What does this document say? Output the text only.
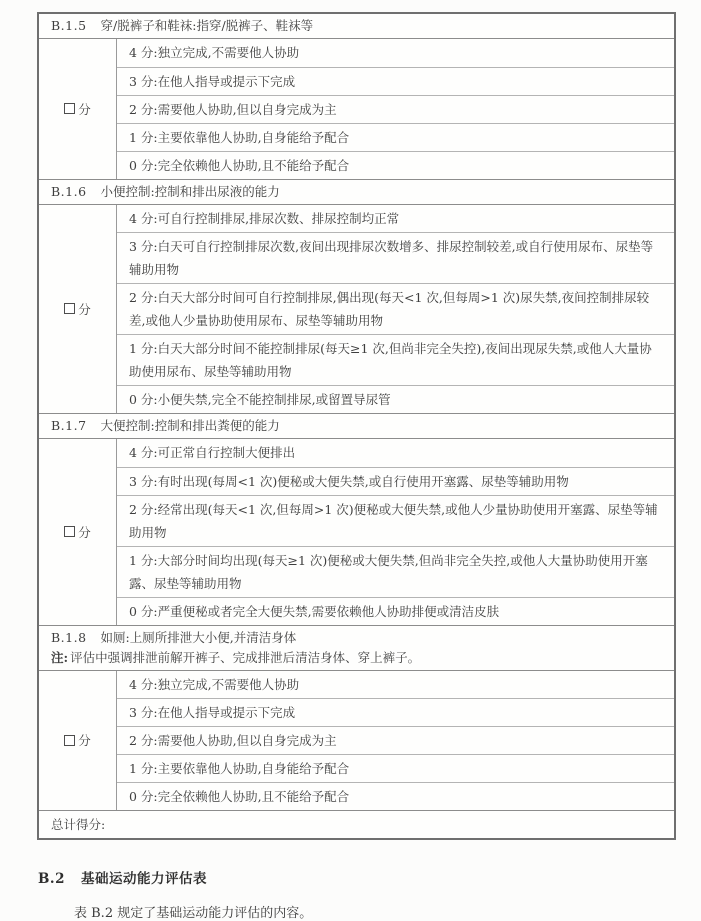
B.1.5 穿/脱裤子和鞋袜:指穿/脱裤子、鞋袜等
分
4 分:独立完成,不需要他人协助
3 分:在他人指导或提示下完成
2 分:需要他人协助,但以自身完成为主
1 分:主要依靠他人协助,自身能给予配合
0 分:完全依赖他人协助,且不能给予配合
B.1.6 小便控制:控制和排出尿液的能力
分
4 分:可自行控制排尿,排尿次数、排尿控制均正常
3 分:白天可自行控制排尿次数,夜间出现排尿次数增多、排尿控制较差,或自行使用尿布、尿垫等辅助用物
2 分:白天大部分时间可自行控制排尿,偶出现(每天<1 次,但每周>1 次)尿失禁,夜间控制排尿较差,或他人少量协助使用尿布、尿垫等辅助用物
1 分:白天大部分时间不能控制排尿(每天≥1 次,但尚非完全失控),夜间出现尿失禁,或他人大量协助使用尿布、尿垫等辅助用物
0 分:小便失禁,完全不能控制排尿,或留置导尿管
B.1.7 大便控制:控制和排出粪便的能力
分
4 分:可正常自行控制大便排出
3 分:有时出现(每周<1 次)便秘或大便失禁,或自行使用开塞露、尿垫等辅助用物
2 分:经常出现(每天<1 次,但每周>1 次)便秘或大便失禁,或他人少量协助使用开塞露、尿垫等辅助用物
1 分:大部分时间均出现(每天≥1 次)便秘或大便失禁,但尚非完全失控,或他人大量协助使用开塞露、尿垫等辅助用物
0 分:严重便秘或者完全大便失禁,需要依赖他人协助排便或清洁皮肤
B.1.8 如厕:上厕所排泄大小便,并清洁身体
注: 评估中强调排泄前解开裤子、完成排泄后清洁身体、穿上裤子。
分
4 分:独立完成,不需要他人协助
3 分:在他人指导或提示下完成
2 分:需要他人协助,但以自身完成为主
1 分:主要依靠他人协助,自身能给予配合
0 分:完全依赖他人协助,且不能给予配合
总计得分:
B.2 基础运动能力评估表
表 B.2 规定了基础运动能力评估的内容。
